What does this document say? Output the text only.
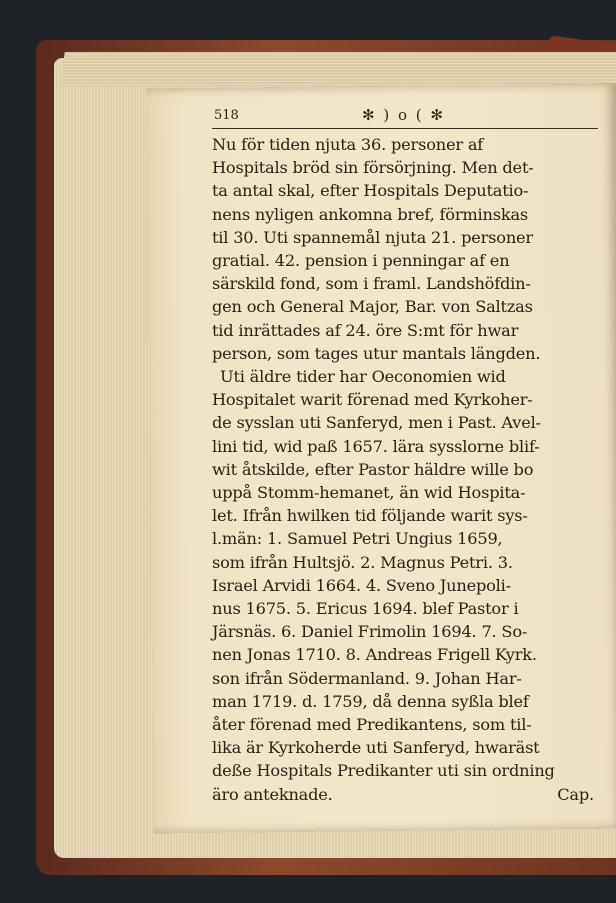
518	✻ ) o ( ✻
Nu för tiden njuta 36. personer af
Hospitals bröd sin försörjning. Men det-
ta antal skal, efter Hospitals Deputatio-
nens nyligen ankomna bref, förminskas
til 30. Uti spannemål njuta 21. personer
gratial. 42. pension i penningar af en
särskild fond, som i framl. Landshöfdin-
gen och General Major, Bar. von Saltzas
tid inrättades af 24. öre S:mt för hwar
person, som tages utur mantals längden.
Uti äldre tider har Oeconomien wid
Hospitalet warit förenad med Kyrkoher-
de sysslan uti Sanferyd, men i Past. Avel-
lini tid, wid paß 1657. lära sysslorne blif-
wit åtskilde, efter Pastor häldre wille bo
uppå Stomm-hemanet, än wid Hospita-
let. Ifrån hwilken tid följande warit sys-
l.män: 1. Samuel Petri Ungius 1659,
som ifrån Hultsjö. 2. Magnus Petri. 3.
Israel Arvidi 1664. 4. Sveno Junepoli-
nus 1675. 5. Ericus 1694. blef Pastor i
Järsnäs. 6. Daniel Frimolin 1694. 7. So-
nen Jonas 1710. 8. Andreas Frigell Kyrk.
son ifrån Södermanland. 9. Johan Har-
man 1719. d. 1759, då denna syßla blef
åter förenad med Predikantens, som til-
lika är Kyrkoherde uti Sanferyd, hwaräst
deße Hospitals Predikanter uti sin ordning
äro anteknade.	Cap.
